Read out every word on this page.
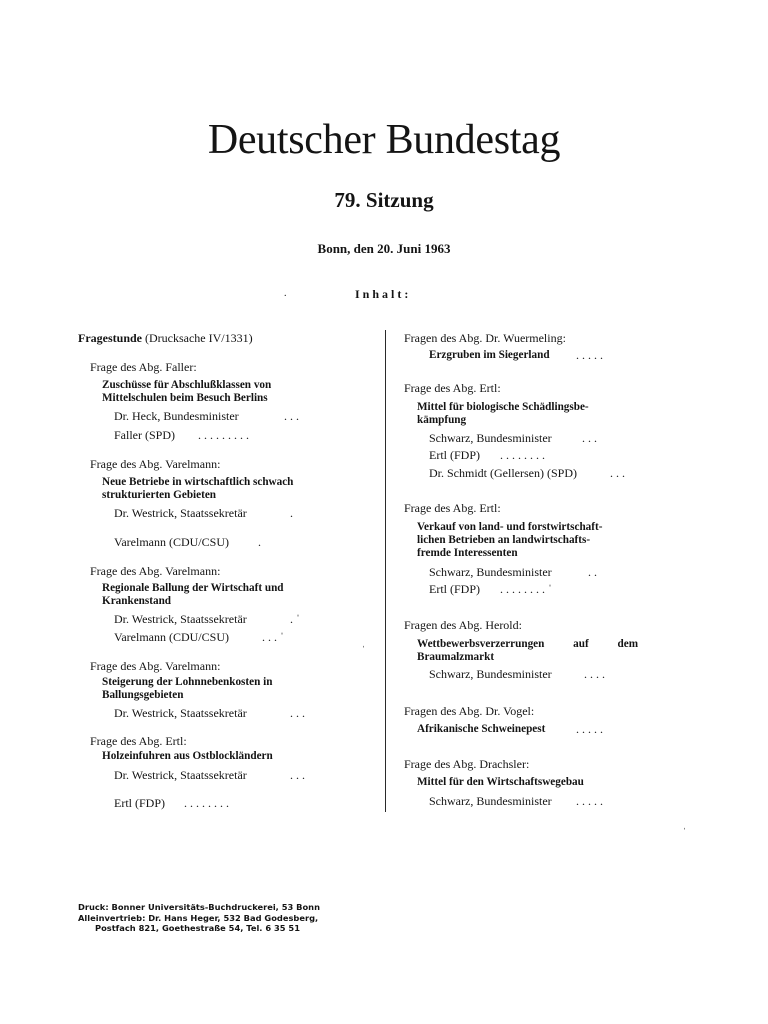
Deutscher Bundestag
79. Sitzung
Bonn, den 20. Juni 1963
Inhalt:
.
Fragestunde (Drucksache IV/1331)
Frage des Abg. Faller:
Zuschüsse für Abschlußklassen von
Mittelschulen beim Besuch Berlins
Dr. Heck, Bundesminister	. . .
Faller (SPD) . . . . . . . . .
Frage des Abg. Varelmann:
Neue Betriebe in wirtschaftlich schwach
strukturierten Gebieten
Dr. Westrick, Staatssekretär	.
Varelmann (CDU/CSU) .
Frage des Abg. Varelmann:
Regionale Ballung der Wirtschaft und
Krankenstand
Dr. Westrick, Staatssekretär	. ˈ
Varelmann (CDU/CSU)	. . . ˈ
Frage des Abg. Varelmann:
Steigerung der Lohnnebenkosten in
Ballungsgebieten
Dr. Westrick, Staatssekretär	. . .
Frage des Abg. Ertl:
Holzeinfuhren aus Ostblockländern
Dr. Westrick, Staatssekretär	. . .
Ertl (FDP) . . . . . . . .
Fragen des Abg. Dr. Wuermeling:
Erzgruben im Siegerland . . . . .
Frage des Abg. Ertl:
Mittel für biologische Schädlingsbe-
kämpfung
Schwarz, Bundesminister	. . .
Ertl (FDP) . . . . . . . .
Dr. Schmidt (Gellersen) (SPD)	. . .
Frage des Abg. Ertl:
Verkauf von land- und forstwirtschaft-
lichen Betrieben an landwirtschafts-
fremde Interessenten
Schwarz, Bundesminister	. .
Ertl (FDP) . . . . . . . . ˈ
Fragen des Abg. Herold:
Wettbewerbsverzerrungen auf dem
Braumalzmarkt
Schwarz, Bundesminister	. . . .
Fragen des Abg. Dr. Vogel:
Afrikanische Schweinepest	. . . . .
Frage des Abg. Drachsler:
Mittel für den Wirtschaftswegebau
Schwarz, Bundesminister . . . . .
ˈ
ˈ
Druck: Bonner Universitäts-Buchdruckerei, 53 Bonn
Alleinvertrieb: Dr. Hans Heger, 532 Bad Godesberg,
Postfach 821, Goethestraße 54, Tel. 6 35 51
